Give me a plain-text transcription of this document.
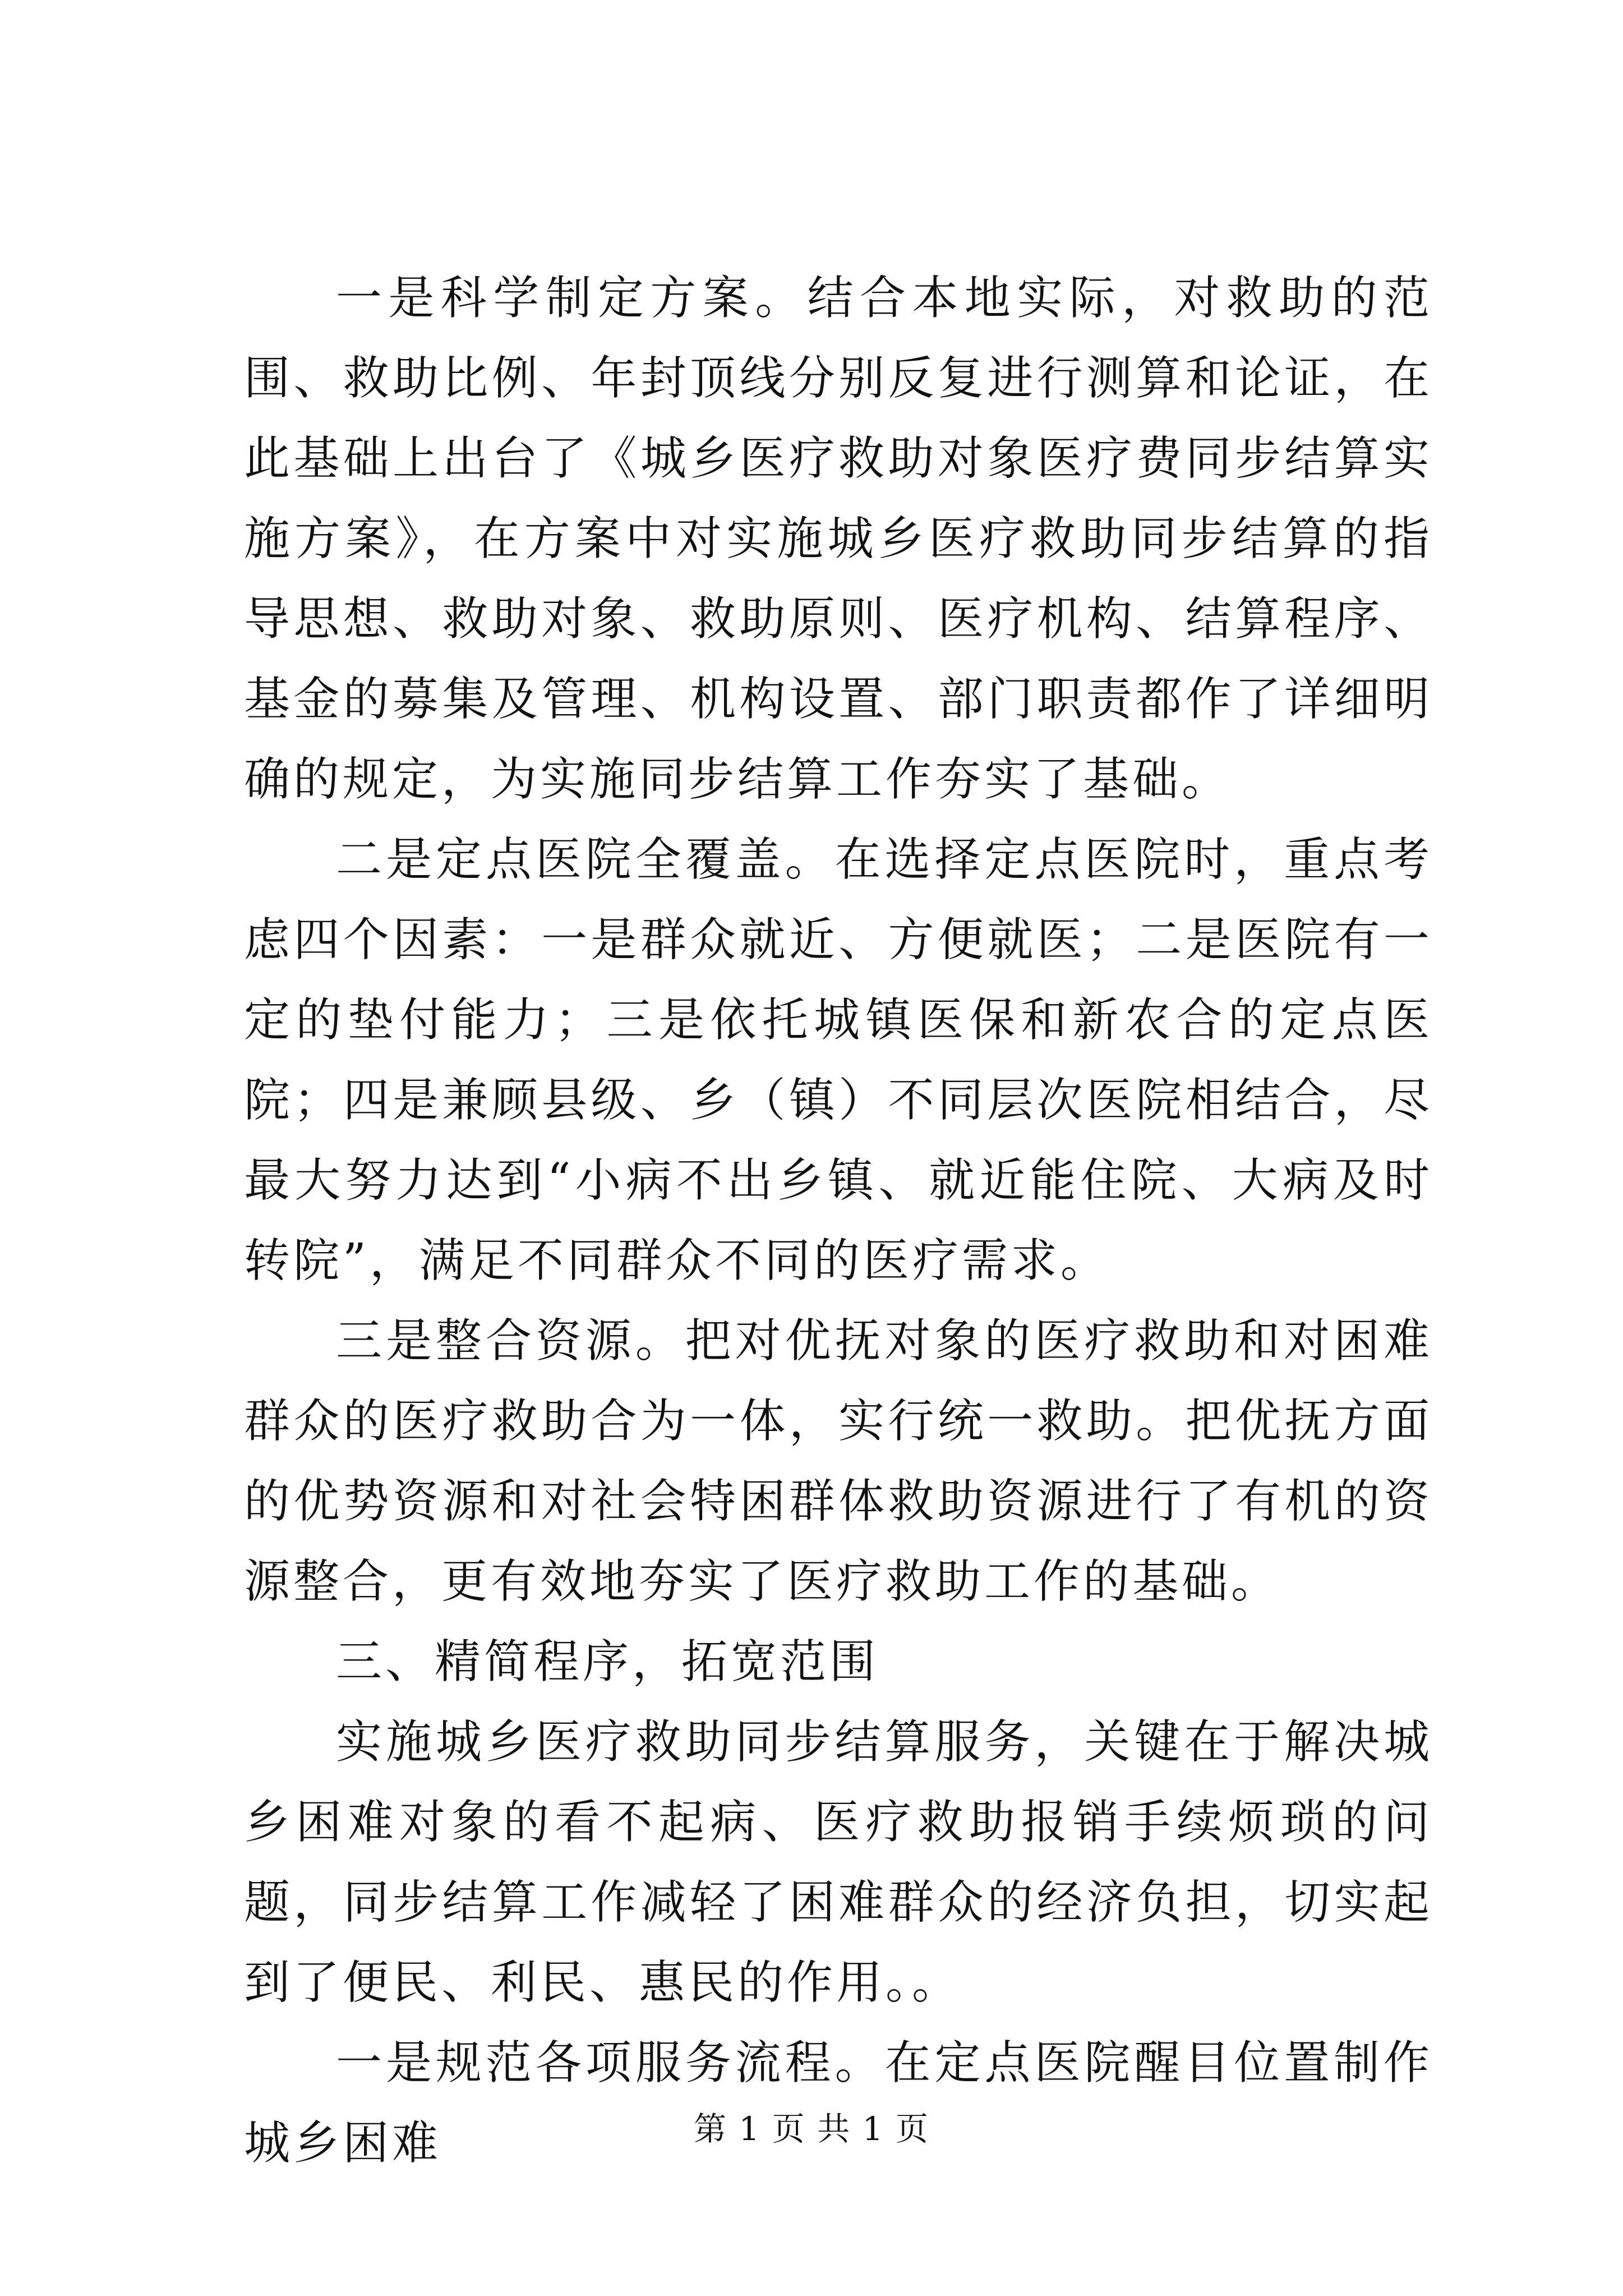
一是科学制定方案。结合本地实际，对救助的范围、救助比例、年封顶线分别反复进行测算和论证，在此基础上出台了《城乡医疗救助对象医疗费同步结算实施方案》，在方案中对实施城乡医疗救助同步结算的指导思想、救助对象、救助原则、医疗机构、结算程序、基金的募集及管理、机构设置、部门职责都作了详细明确的规定，为实施同步结算工作夯实了基础。

二是定点医院全覆盖。在选择定点医院时，重点考虑四个因素：一是群众就近、方便就医；二是医院有一定的垫付能力；三是依托城镇医保和新农合的定点医院；四是兼顾县级、乡（镇）不同层次医院相结合，尽最大努力达到“小病不出乡镇、就近能住院、大病及时转院”，满足不同群众不同的医疗需求。

三是整合资源。把对优抚对象的医疗救助和对困难群众的医疗救助合为一体，实行统一救助。把优抚方面的优势资源和对社会特困群体救助资源进行了有机的资源整合，更有效地夯实了医疗救助工作的基础。

三、精简程序，拓宽范围

实施城乡医疗救助同步结算服务，关键在于解决城乡困难对象的看不起病、医疗救助报销手续烦琐的问题，同步结算工作减轻了困难群众的经济负担，切实起到了便民、利民、惠民的作用。。

一是规范各项服务流程。在定点医院醒目位置制作城乡困难	第 1 页 共 1 页
